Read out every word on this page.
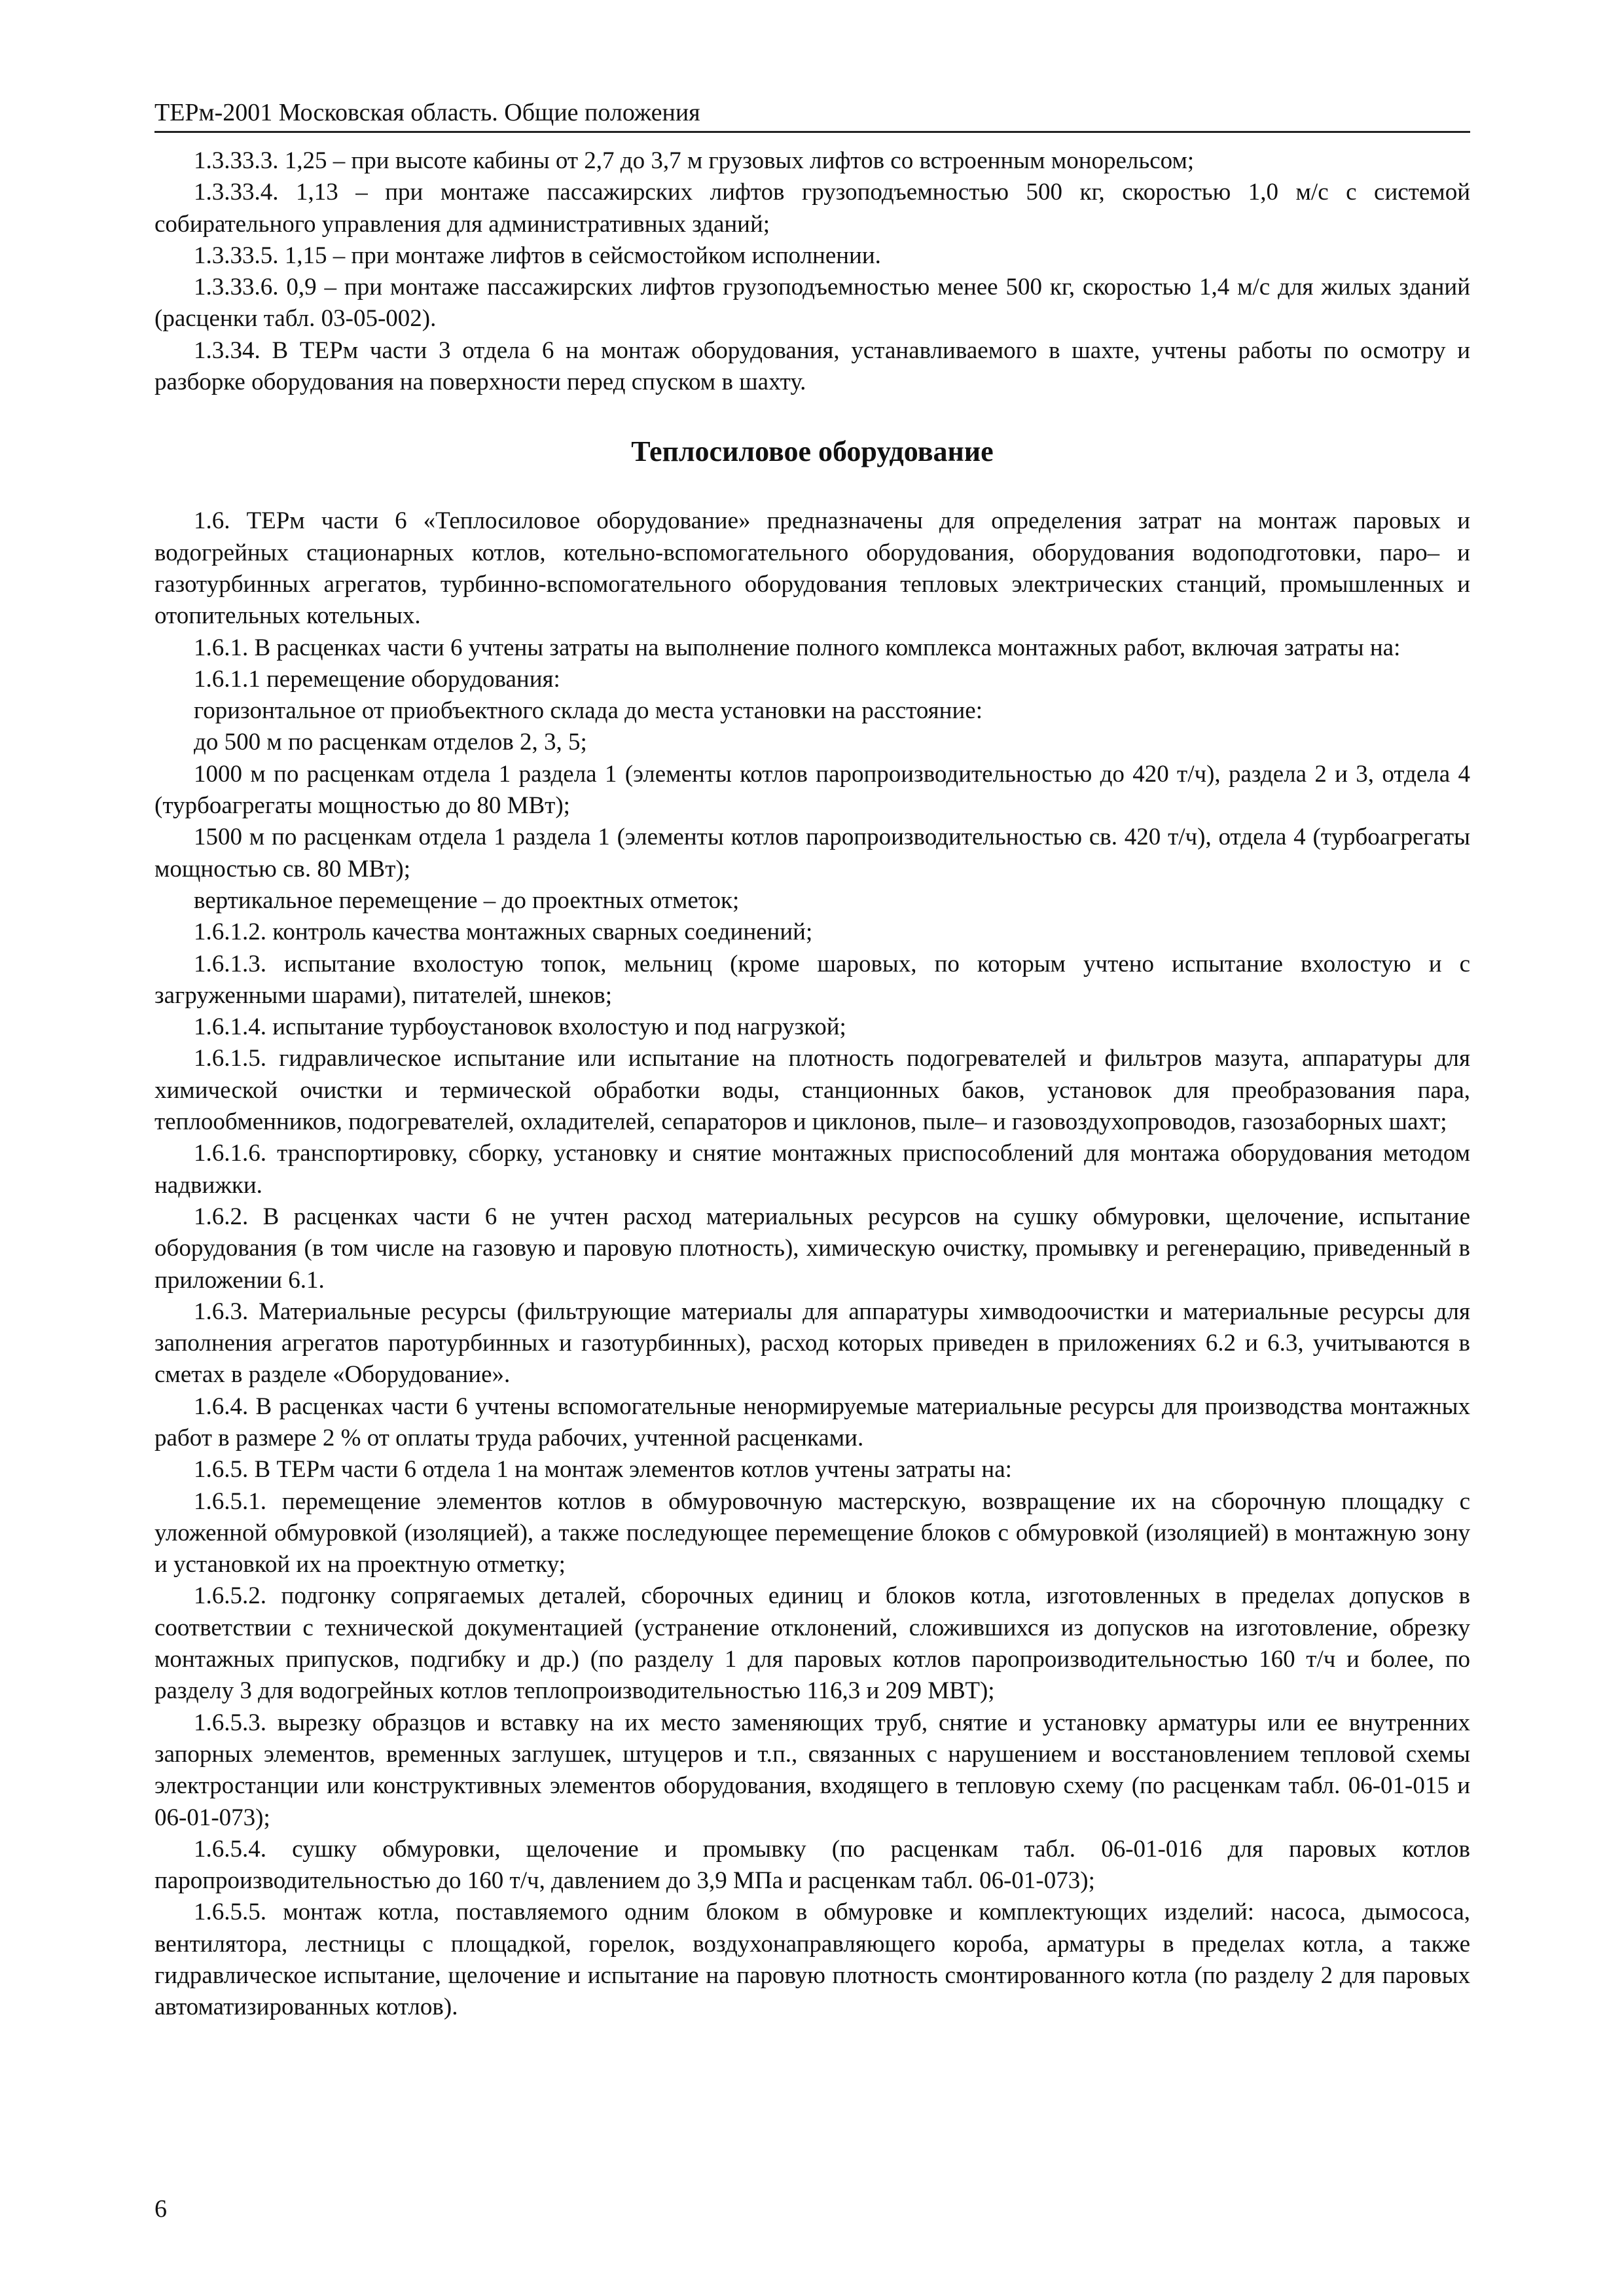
ТЕРм-2001 Московская область. Общие положения

1.3.33.3. 1,25 – при высоте кабины от 2,7 до 3,7 м грузовых лифтов со встроенным монорельсом;

1.3.33.4. 1,13 – при монтаже пассажирских лифтов грузоподъемностью 500 кг, скоростью 1,0 м/с с системой собирательного управления для административных зданий;

1.3.33.5. 1,15 – при монтаже лифтов в сейсмостойком исполнении.

1.3.33.6. 0,9 – при монтаже пассажирских лифтов грузоподъемностью менее 500 кг, скоростью 1,4 м/с для жилых зданий (расценки табл. 03-05-002).

1.3.34. В ТЕРм части 3 отдела 6 на монтаж оборудования, устанавливаемого в шахте, учтены работы по осмотру и разборке оборудования на поверхности перед спуском в шахту.

Теплосиловое оборудование

1.6. ТЕРм части 6 «Теплосиловое оборудование» предназначены для определения затрат на монтаж паровых и водогрейных стационарных котлов, котельно-вспомогательного оборудования, оборудования водоподготовки, паро– и газотурбинных агрегатов, турбинно-вспомогательного оборудования тепловых электрических станций, промышленных и отопительных котельных.

1.6.1. В расценках части 6 учтены затраты на выполнение полного комплекса монтажных работ, включая затраты на:

1.6.1.1 перемещение оборудования:

горизонтальное от приобъектного склада до места установки на расстояние:

до 500 м по расценкам отделов 2, 3, 5;

1000 м по расценкам отдела 1 раздела 1 (элементы котлов паропроизводительностью до 420 т/ч), раздела 2 и 3, отдела 4 (турбоагрегаты мощностью до 80 МВт);

1500 м по расценкам отдела 1 раздела 1 (элементы котлов паропроизводительностью св. 420 т/ч), отдела 4 (турбоагрегаты мощностью св. 80 МВт);

вертикальное перемещение – до проектных отметок;

1.6.1.2. контроль качества монтажных сварных соединений;

1.6.1.3. испытание вхолостую топок, мельниц (кроме шаровых, по которым учтено испытание вхолостую и с загруженными шарами), питателей, шнеков;

1.6.1.4. испытание турбоустановок вхолостую и под нагрузкой;

1.6.1.5. гидравлическое испытание или испытание на плотность подогревателей и фильтров мазута, аппаратуры для химической очистки и термической обработки воды, станционных баков, установок для преобразования пара, теплообменников, подогревателей, охладителей, сепараторов и циклонов, пыле– и газовоздухопроводов, газозаборных шахт;

1.6.1.6. транспортировку, сборку, установку и снятие монтажных приспособлений для монтажа оборудования методом надвижки.

1.6.2. В расценках части 6 не учтен расход материальных ресурсов на сушку обмуровки, щелочение, испытание оборудования (в том числе на газовую и паровую плотность), химическую очистку, промывку и регенерацию, приведенный в приложении 6.1.

1.6.3. Материальные ресурсы (фильтрующие материалы для аппаратуры химводоочистки и материальные ресурсы для заполнения агрегатов паротурбинных и газотурбинных), расход которых приведен в приложениях 6.2 и 6.3, учитываются в сметах в разделе «Оборудование».

1.6.4. В расценках части 6 учтены вспомогательные ненормируемые материальные ресурсы для производства монтажных работ в размере 2 % от оплаты труда рабочих, учтенной расценками.

1.6.5. В ТЕРм части 6 отдела 1 на монтаж элементов котлов учтены затраты на:

1.6.5.1. перемещение элементов котлов в обмуровочную мастерскую, возвращение их на сборочную площадку с уложенной обмуровкой (изоляцией), а также последующее перемещение блоков с обмуровкой (изоляцией) в монтажную зону и установкой их на проектную отметку;

1.6.5.2. подгонку сопрягаемых деталей, сборочных единиц и блоков котла, изготовленных в пределах допусков в соответствии с технической документацией (устранение отклонений, сложившихся из допусков на изготовление, обрезку монтажных припусков, подгибку и др.) (по разделу 1 для паровых котлов паропроизводительностью 160 т/ч и более, по разделу 3 для водогрейных котлов теплопроизводительностью 116,3 и 209 МВТ);

1.6.5.3. вырезку образцов и вставку на их место заменяющих труб, снятие и установку арматуры или ее внутренних запорных элементов, временных заглушек, штуцеров и т.п., связанных с нарушением и восстановлением тепловой схемы электростанции или конструктивных элементов оборудования, входящего в тепловую схему (по расценкам табл. 06-01-015 и 06-01-073);

1.6.5.4. сушку обмуровки, щелочение и промывку (по расценкам табл. 06-01-016 для паровых котлов паропроизводительностью до 160 т/ч, давлением до 3,9 МПа и расценкам табл. 06-01-073);

1.6.5.5. монтаж котла, поставляемого одним блоком в обмуровке и комплектующих изделий: насоса, дымососа, вентилятора, лестницы с площадкой, горелок, воздухонаправляющего короба, арматуры в пределах котла, а также гидравлическое испытание, щелочение и испытание на паровую плотность смонтированного котла (по разделу 2 для паровых автоматизированных котлов).

6
